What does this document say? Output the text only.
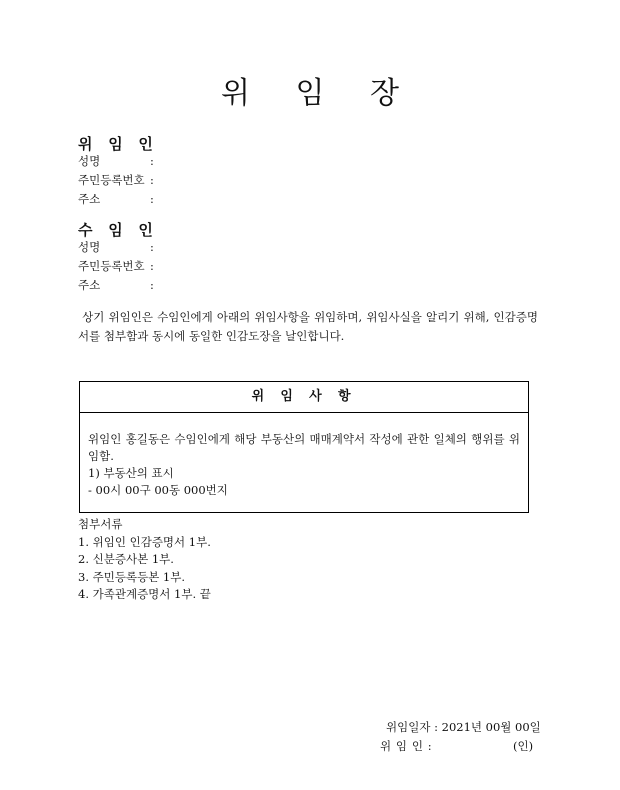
위 임 장
위 임 인
성명	:
주민등록번호 :
주소	:
수 임 인
성명	:
주민등록번호 :
주소	:
상기 위임인은 수임인에게 아래의 위임사항을 위임하며, 위임사실을 알리기 위해, 인감증명서를 첨부함과 동시에 동일한 인감도장을 날인합니다.
위 임 사 항
위임인 홍길동은 수임인에게 해당 부동산의 매매계약서 작성에 관한 일체의 행위를 위임함.
1) 부동산의 표시
- 00시 00구 00동 000번지
첨부서류
1. 위임인 인감증명서 1부.
2. 신분증사본 1부.
3. 주민등록등본 1부.
4. 가족관계증명서 1부. 끝
위임일자 : 2021년 00월 00일
위 임 인 :	(인)
